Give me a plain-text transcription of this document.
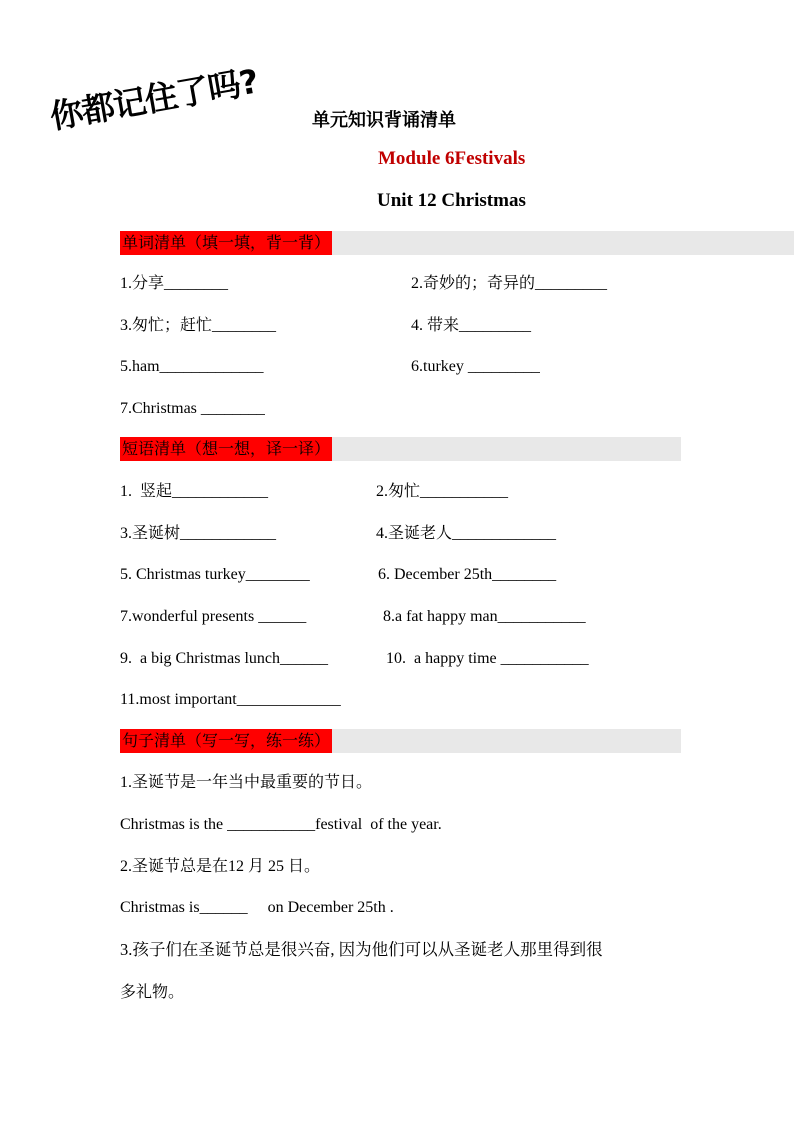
你都记住了吗?	单元知识背诵清单
Module 6Festivals
Unit 12 Christmas
单词清单（填一填，背一背）
1.分享________	2.奇妙的；奇异的_________
3.匆忙；赶忙________	4. 带来_________
5.ham_____________	6.turkey _________
7.Christmas ________
短语清单（想一想，译一译）
1.  竖起____________	2.匆忙___________
3.圣诞树____________	4.圣诞老人_____________
5. Christmas turkey________	6. December 25th________
7.wonderful presents ______	8.a fat happy man___________
9.  a big Christmas lunch______	10.  a happy time ___________
11.most important_____________
句子清单（写一写，练一练）
1.圣诞节是一年当中最重要的节日。
Christmas is the ___________festival  of the year.
2.圣诞节总是在12 月 25 日。
Christmas is______     on December 25th .
3.孩子们在圣诞节总是很兴奋, 因为他们可以从圣诞老人那里得到很
多礼物。
